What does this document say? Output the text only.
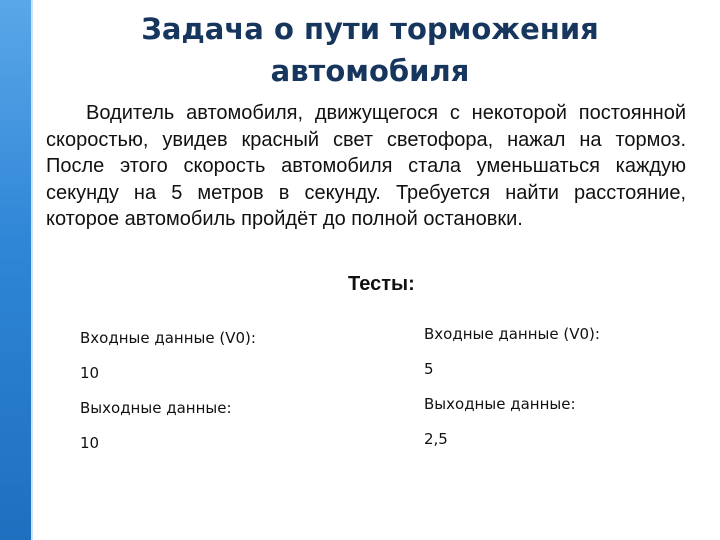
Задача о пути торможения
автомобиля
Водитель автомобиля, движущегося с некоторой постоянной скоростью, увидев красный свет светофора, нажал на тормоз. После этого скорость автомобиля стала уменьшаться каждую секунду на 5 метров в секунду. Требуется найти расстояние, которое автомобиль пройдёт до полной остановки.
Тесты:
Входные данные (V0):
10
Выходные данные:
10
Входные данные (V0):
5
Выходные данные:
2,5
